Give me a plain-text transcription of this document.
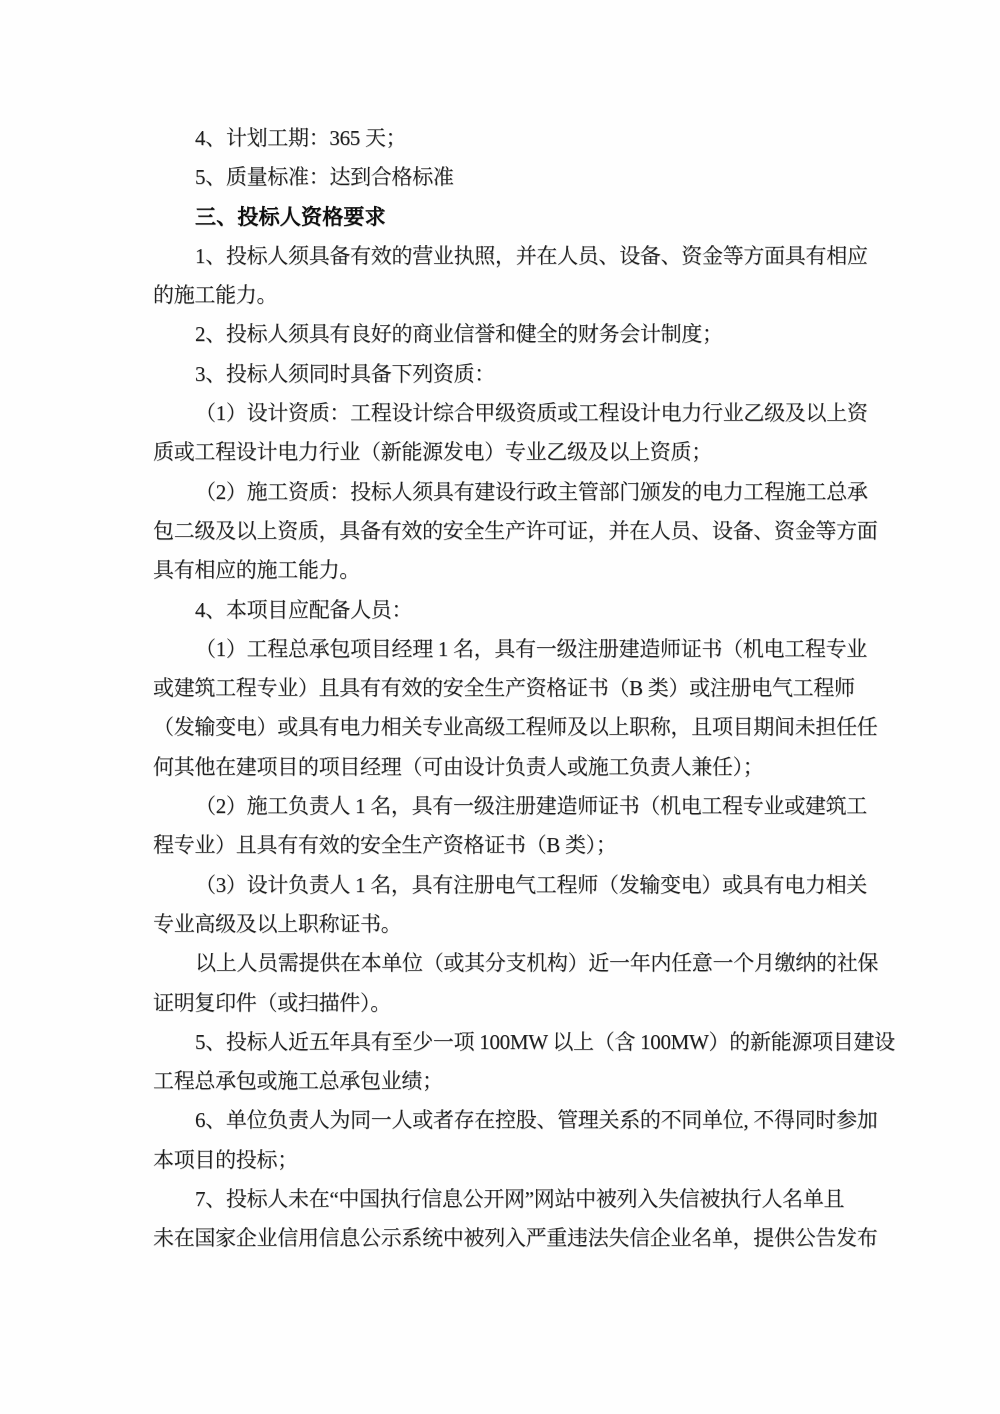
4、计划工期：365 天；
5、质量标准：达到合格标准
三、投标人资格要求
1、投标人须具备有效的营业执照，并在人员、设备、资金等方面具有相应
的施工能力。
2、投标人须具有良好的商业信誉和健全的财务会计制度；
3、投标人须同时具备下列资质：
（1）设计资质：工程设计综合甲级资质或工程设计电力行业乙级及以上资
质或工程设计电力行业（新能源发电）专业乙级及以上资质；
（2）施工资质：投标人须具有建设行政主管部门颁发的电力工程施工总承
包二级及以上资质，具备有效的安全生产许可证，并在人员、设备、资金等方面
具有相应的施工能力。
4、本项目应配备人员：
（1）工程总承包项目经理 1 名，具有一级注册建造师证书（机电工程专业
或建筑工程专业）且具有有效的安全生产资格证书（B 类）或注册电气工程师
（发输变电）或具有电力相关专业高级工程师及以上职称，且项目期间未担任任
何其他在建项目的项目经理（可由设计负责人或施工负责人兼任）；
（2）施工负责人 1 名，具有一级注册建造师证书（机电工程专业或建筑工
程专业）且具有有效的安全生产资格证书（B 类）；
（3）设计负责人 1 名，具有注册电气工程师（发输变电）或具有电力相关
专业高级及以上职称证书。
以上人员需提供在本单位（或其分支机构）近一年内任意一个月缴纳的社保
证明复印件（或扫描件）。
5、投标人近五年具有至少一项 100MW 以上（含 100MW）的新能源项目建设
工程总承包或施工总承包业绩；
6、单位负责人为同一人或者存在控股、管理关系的不同单位, 不得同时参加
本项目的投标；
7、投标人未在“中国执行信息公开网”网站中被列入失信被执行人名单且
未在国家企业信用信息公示系统中被列入严重违法失信企业名单，提供公告发布
